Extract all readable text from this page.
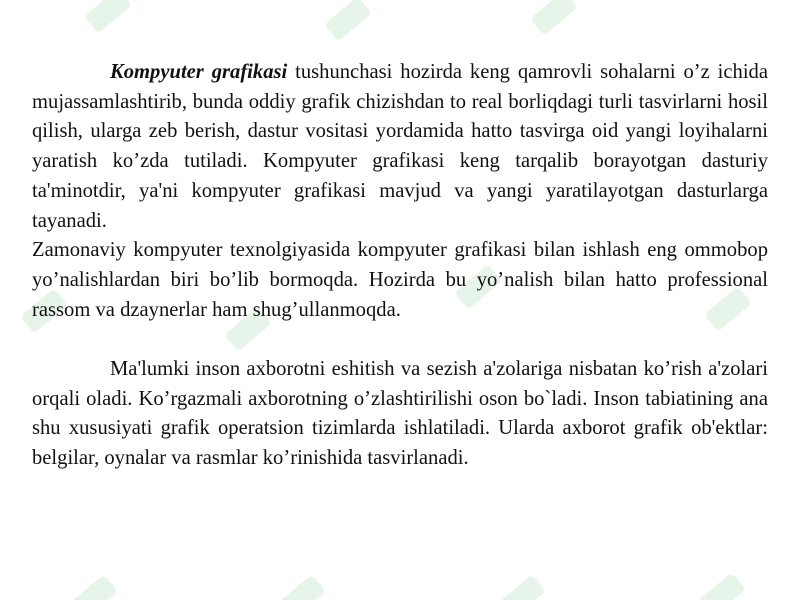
Kompyuter grafikasi tushunchasi hozirda keng qamrovli sohalarni o’z ichida mujassamlashtirib, bunda oddiy grafik chizishdan to real borliqdagi turli tasvirlarni hosil qilish, ularga zeb berish, dastur vositasi yordamida hatto tasvirga oid yangi loyihalarni yaratish ko’zda tutiladi. Kompyuter grafikasi keng tarqalib borayotgan dasturiy ta'minotdir, ya'ni kompyuter grafikasi mavjud va yangi yaratilayotgan dasturlarga tayanadi.

Zamonaviy kompyuter texnolgiyasida kompyuter grafikasi bilan ishlash eng ommobop yo’nalishlardan biri bo’lib bormoqda. Hozirda bu yo’nalish bilan hatto professional rassom va dzaynerlar ham shug’ullanmoqda.

Ma'lumki inson axborotni eshitish va sezish a'zolariga nisbatan ko’rish a'zolari orqali oladi. Ko’rgazmali axborotning o’zlashtirilishi oson bo`ladi. Inson tabiatining ana shu xususiyati grafik operatsion tizimlarda ishlatiladi. Ularda axborot grafik ob'ektlar: belgilar, oynalar va rasmlar ko’rinishida tasvirlanadi.
